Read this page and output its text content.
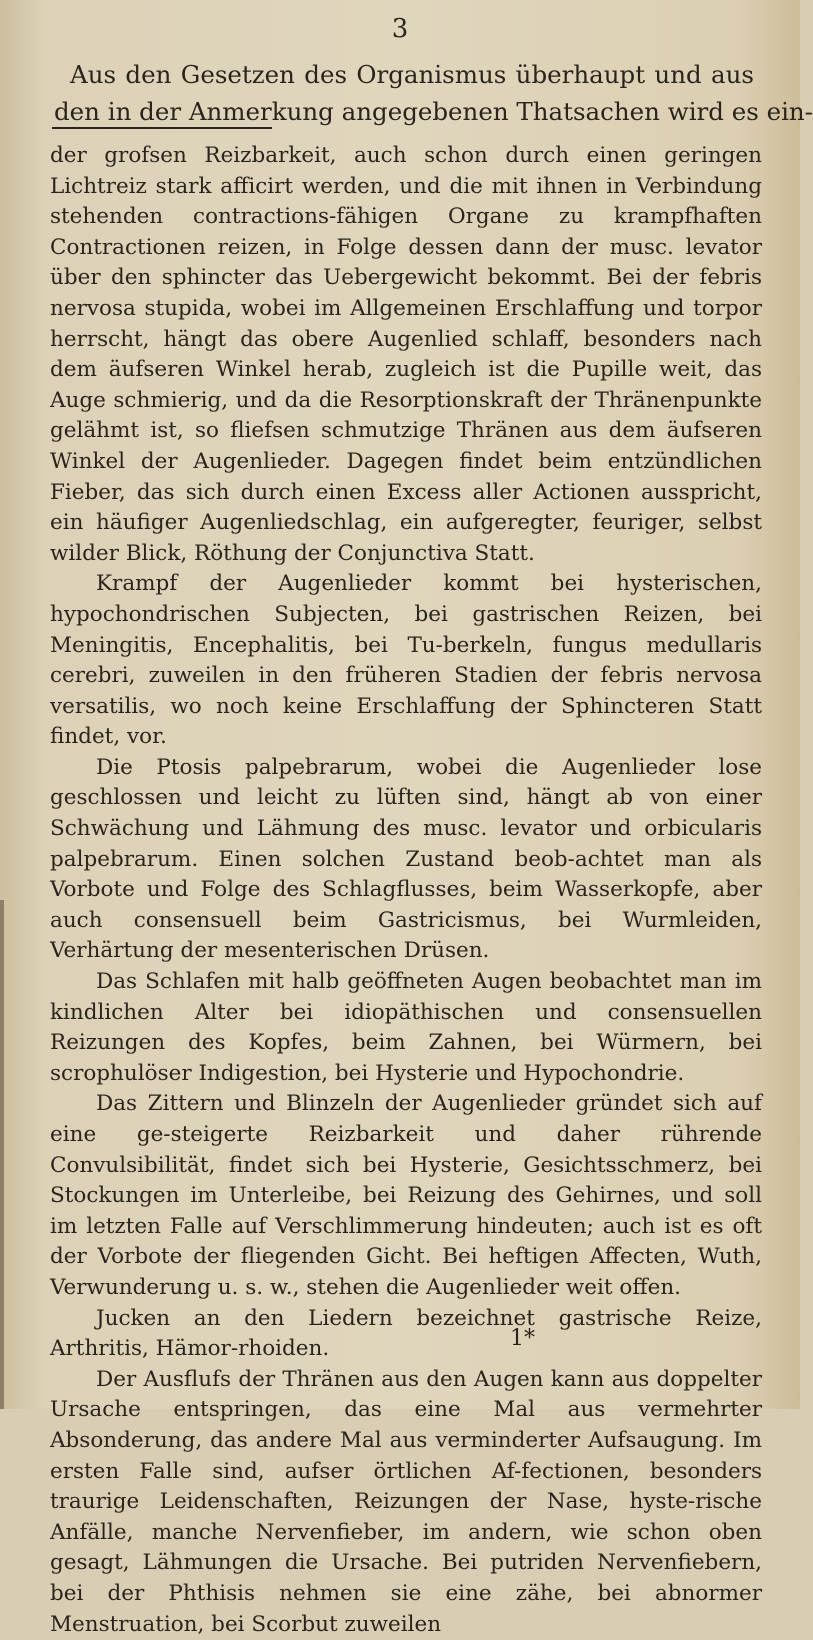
3
Aus den Gesetzen des Organismus überhaupt und aus
den in der Anmerkung angegebenen Thatsachen wird es ein-

der grofsen Reizbarkeit, auch schon durch einen geringen Lichtreiz stark afficirt werden, und die mit ihnen in Verbindung stehenden contractions-fähigen Organe zu krampfhaften Contractionen reizen, in Folge dessen dann der musc. levator über den sphincter das Uebergewicht bekommt. Bei der febris nervosa stupida, wobei im Allgemeinen Erschlaffung und torpor herrscht, hängt das obere Augenlied schlaff, besonders nach dem äufseren Winkel herab, zugleich ist die Pupille weit, das Auge schmierig, und da die Resorptionskraft der Thränenpunkte gelähmt ist, so fliefsen schmutzige Thränen aus dem äufseren Winkel der Augenlieder. Dagegen findet beim entzündlichen Fieber, das sich durch einen Excess aller Actionen ausspricht, ein häufiger Augenliedschlag, ein aufgeregter, feuriger, selbst wilder Blick, Röthung der Conjunctiva Statt.

Krampf der Augenlieder kommt bei hysterischen, hypochondrischen Subjecten, bei gastrischen Reizen, bei Meningitis, Encephalitis, bei Tu-berkeln, fungus medullaris cerebri, zuweilen in den früheren Stadien der febris nervosa versatilis, wo noch keine Erschlaffung der Sphincteren Statt findet, vor.

Die Ptosis palpebrarum, wobei die Augenlieder lose geschlossen und leicht zu lüften sind, hängt ab von einer Schwächung und Lähmung des musc. levator und orbicularis palpebrarum. Einen solchen Zustand beob-achtet man als Vorbote und Folge des Schlagflusses, beim Wasserkopfe, aber auch consensuell beim Gastricismus, bei Wurmleiden, Verhärtung der mesenterischen Drüsen.

Das Schlafen mit halb geöffneten Augen beobachtet man im kindlichen Alter bei idiopäthischen und consensuellen Reizungen des Kopfes, beim Zahnen, bei Würmern, bei scrophulöser Indigestion, bei Hysterie und Hypochondrie.

Das Zittern und Blinzeln der Augenlieder gründet sich auf eine ge-steigerte Reizbarkeit und daher rührende Convulsibilität, findet sich bei Hysterie, Gesichtsschmerz, bei Stockungen im Unterleibe, bei Reizung des Gehirnes, und soll im letzten Falle auf Verschlimmerung hindeuten; auch ist es oft der Vorbote der fliegenden Gicht. Bei heftigen Affecten, Wuth, Verwunderung u. s. w., stehen die Augenlieder weit offen.

Jucken an den Liedern bezeichnet gastrische Reize, Arthritis, Hämor-rhoiden.

Der Ausflufs der Thränen aus den Augen kann aus doppelter Ursache entspringen, das eine Mal aus vermehrter Absonderung, das andere Mal aus verminderter Aufsaugung. Im ersten Falle sind, aufser örtlichen Af-fectionen, besonders traurige Leidenschaften, Reizungen der Nase, hyste-rische Anfälle, manche Nervenfieber, im andern, wie schon oben gesagt, Lähmungen die Ursache. Bei putriden Nervenfiebern, bei der Phthisis nehmen sie eine zähe, bei abnormer Menstruation, bei Scorbut zuweilen

1*
